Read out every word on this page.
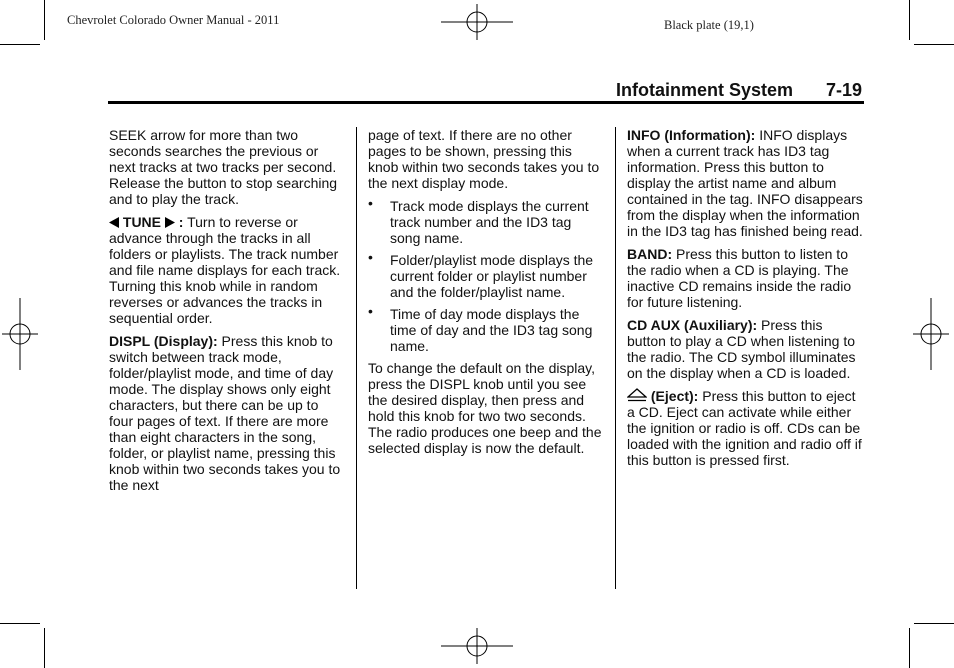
Chevrolet Colorado Owner Manual - 2011	Black plate (19,1)
Infotainment System 7-19

SEEK arrow for more than two seconds searches the previous or next tracks at two tracks per second. Release the button to stop searching and to play the track.

TUNE  : Turn to reverse or advance through the tracks in all folders or playlists. The track number and file name displays for each track. Turning this knob while in random reverses or advances the tracks in sequential order.

DISPL (Display): Press this knob to switch between track mode, folder/playlist mode, and time of day mode. The display shows only eight characters, but there can be up to four pages of text. If there are more than eight characters in the song, folder, or playlist name, pressing this knob within two seconds takes you to the next

page of text. If there are no other pages to be shown, pressing this knob within two seconds takes you to the next display mode.

• Track mode displays the current track number and the ID3 tag song name.
• Folder/playlist mode displays the current folder or playlist number and the folder/playlist name.
• Time of day mode displays the time of day and the ID3 tag song name.

To change the default on the display, press the DISPL knob until you see the desired display, then press and hold this knob for two two seconds. The radio produces one beep and the selected display is now the default.

INFO (Information): INFO displays when a current track has ID3 tag information. Press this button to display the artist name and album contained in the tag. INFO disappears from the display when the information in the ID3 tag has finished being read.

BAND: Press this button to listen to the radio when a CD is playing. The inactive CD remains inside the radio for future listening.

CD AUX (Auxiliary): Press this button to play a CD when listening to the radio. The CD symbol illuminates on the display when a CD is loaded.

(Eject): Press this button to eject a CD. Eject can activate while either the ignition or radio is off. CDs can be loaded with the ignition and radio off if this button is pressed first.
